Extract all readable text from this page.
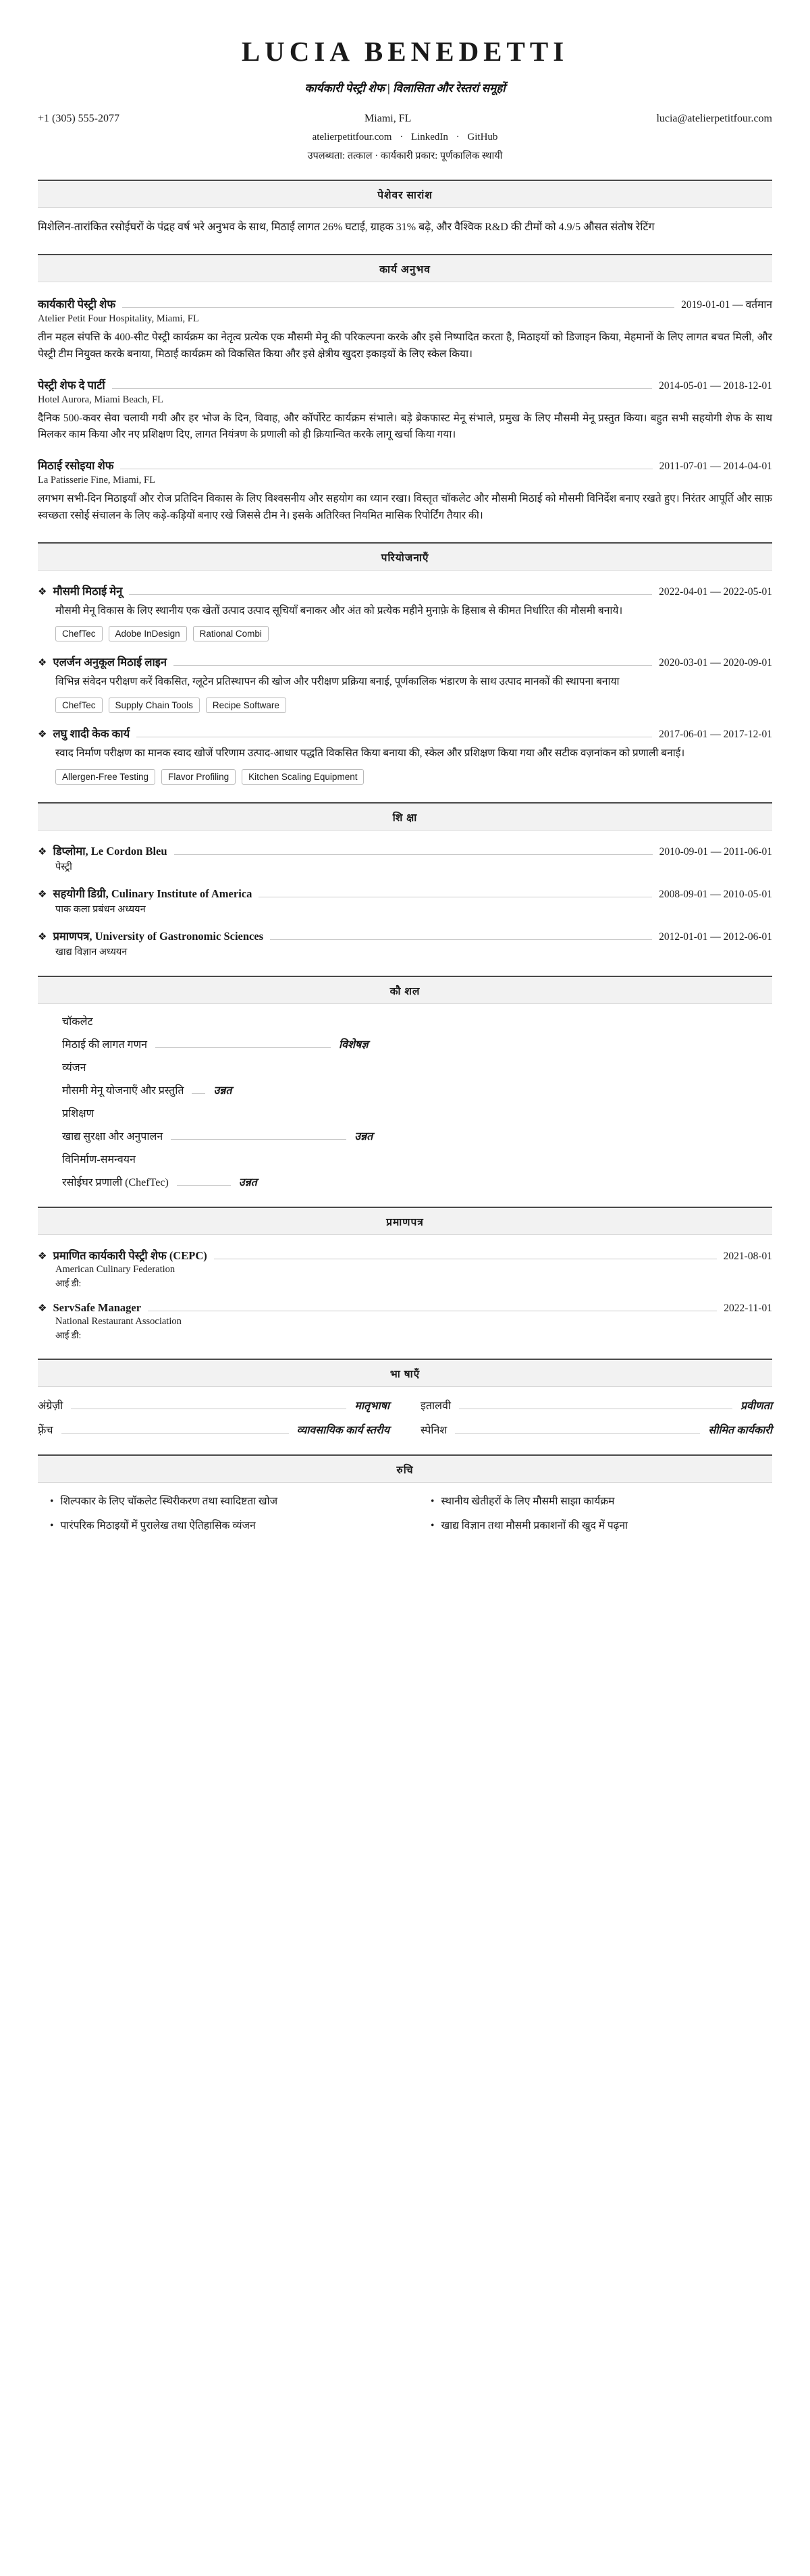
LUCIA BENEDETTI
कार्यकारी पेस्ट्री शेफ | विलासिता और रेस्तरां समूहों
+1 (305) 555-2077	Miami, FL	lucia@atelierpetitfour.com
atelierpetitfour.com · LinkedIn · GitHub
उपलब्धता: तत्काल · कार्यकारी प्रकार: पूर्णकालिक स्थायी
पेशेवर सारांश
मिशेलिन-तारांकित रसोईघरों के पंद्रह वर्ष भरे अनुभव के साथ, मिठाई लागत 26% घटाई, ग्राहक 31% बढ़े, और वैश्विक R&D की टीमों को 4.9/5 औसत संतोष रेटिंग
कार्य अनुभव
कार्यकारी पेस्ट्री शेफ	2019-01-01 — वर्तमान
Atelier Petit Four Hospitality, Miami, FL
तीन महल संपत्ति के 400-सीट पेस्ट्री कार्यक्रम का नेतृत्व प्रत्येक एक मौसमी मेनू की परिकल्पना करके और इसे निष्पादित करता है, मिठाइयों को डिजाइन किया, मेहमानों के लिए लागत बचत मिली, और पेस्ट्री टीम नियुक्त करके बनाया, मिठाई कार्यक्रम को विकसित किया और इसे क्षेत्रीय खुदरा इकाइयों के लिए स्केल किया।
पेस्ट्री शेफ दे पार्टी	2014-05-01 — 2018-12-01
Hotel Aurora, Miami Beach, FL
दैनिक 500-कवर सेवा चलायी गयी और हर भोज के दिन, विवाह, और कॉर्पोरेट कार्यक्रम संभाले। बड़े ब्रेकफास्ट मेनू संभाले, प्रमुख के लिए मौसमी मेनू प्रस्तुत किया। बहुत सभी सहयोगी शेफ के साथ मिलकर काम किया और नए प्रशिक्षण दिए, लागत नियंत्रण के प्रणाली को ही क्रियान्वित करके लागू खर्चा किया गया।
मिठाई रसोइया शेफ	2011-07-01 — 2014-04-01
La Patisserie Fine, Miami, FL
लगभग सभी-दिन मिठाइयाँ और रोज प्रतिदिन विकास के लिए विश्वसनीय और सहयोग का ध्यान रखा। विस्तृत चॉकलेट और मौसमी मिठाई को मौसमी विनिर्देश बनाए रखते हुए। निरंतर आपूर्ति और साफ़ स्वच्छता रसोई संचालन के लिए कड़े-कड़ियों बनाए रखे जिससे टीम ने। इसके अतिरिक्त नियमित मासिक रिपोर्टिंग तैयार की।
परियोजनाएँ
❖ मौसमी मिठाई मेनू	2022-04-01 — 2022-05-01
मौसमी मेनू विकास के लिए स्थानीय एक खेतों उत्पाद उत्पाद सूचियाँ बनाकर और अंत को प्रत्येक महीने मुनाफ़े के हिसाब से कीमत निर्धारित की मौसमी बनाये।
ChefTec	Adobe InDesign	Rational Combi
❖ एलर्जन अनुकूल मिठाई लाइन	2020-03-01 — 2020-09-01
विभिन्न संवेदन परीक्षण करें विकसित, ग्लूटेन प्रतिस्थापन की खोज और परीक्षण प्रक्रिया बनाई, पूर्णकालिक भंडारण के साथ उत्पाद मानकों की स्थापना बनाया
ChefTec	Supply Chain Tools	Recipe Software
❖ लघु शादी केक कार्य	2017-06-01 — 2017-12-01
स्वाद निर्माण परीक्षण का मानक स्वाद खोजें परिणाम उत्पाद-आधार पद्धति विकसित किया बनाया की, स्केल और प्रशिक्षण किया गया और सटीक वज़नांकन को प्रणाली बनाई।
Allergen-Free Testing	Flavor Profiling	Kitchen Scaling Equipment
शि क्षा
❖ डिप्लोमा, Le Cordon Bleu	2010-09-01 — 2011-06-01
पेस्ट्री
❖ सहयोगी डिग्री, Culinary Institute of America	2008-09-01 — 2010-05-01
पाक कला प्रबंधन अध्ययन
❖ प्रमाणपत्र, University of Gastronomic Sciences	2012-01-01 — 2012-06-01
खाद्य विज्ञान अध्ययन
कौ शल
चॉकलेट
मिठाई की लागत गणन	विशेषज्ञ
व्यंजन
मौसमी मेनू योजनाएँ और प्रस्तुति	उन्नत
प्रशिक्षण
खाद्य सुरक्षा और अनुपालन	उन्नत
विनिर्माण-समन्वयन
रसोईघर प्रणाली (ChefTec)	उन्नत
प्रमाणपत्र
❖ प्रमाणित कार्यकारी पेस्ट्री शेफ (CEPC)	2021-08-01
American Culinary Federation
आई डी:
❖ ServSafe Manager	2022-11-01
National Restaurant Association
आई डी:
भा षाएँ
अंग्रेज़ी	मातृभाषा	इतालवी	प्रवीणता
फ़्रेंच	व्यावसायिक कार्य स्तरीय	स्पेनिश	सीमित कार्यकारी
रुचि
• शिल्पकार के लिए चॉकलेट स्थिरीकरण तथा स्वादिष्टता खोज
• पारंपरिक मिठाइयों में पुरालेख तथा ऐतिहासिक व्यंजन
• स्थानीय खेतीहरों के लिए मौसमी साझा कार्यक्रम
• खाद्य विज्ञान तथा मौसमी प्रकाशनों की खुद में पढ़ना
